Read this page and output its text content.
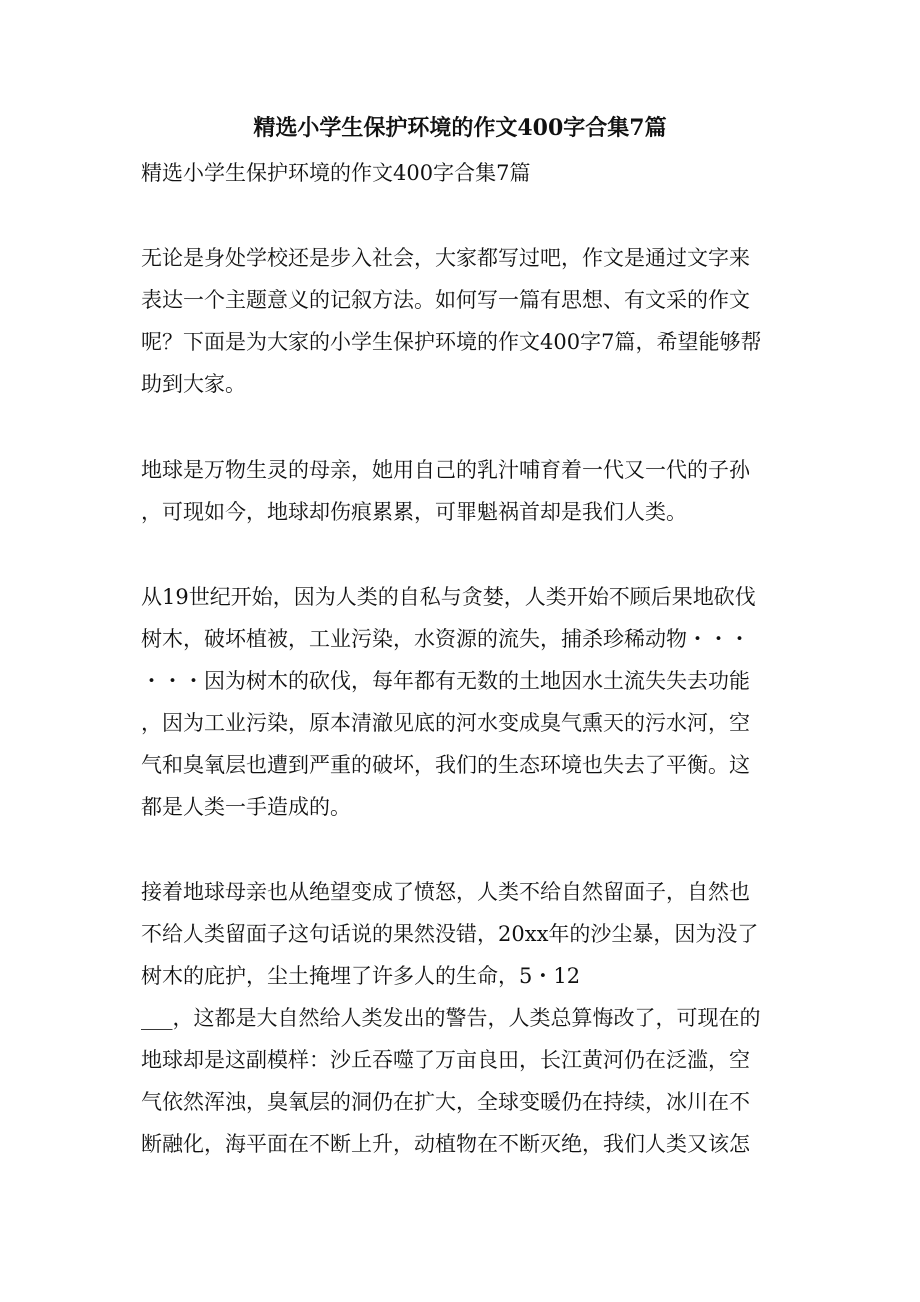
精选小学生保护环境的作文400字合集7篇
精选小学生保护环境的作文400字合集7篇
无论是身处学校还是步入社会，大家都写过吧，作文是通过文字来
表达一个主题意义的记叙方法。如何写一篇有思想、有文采的作文
呢？下面是为大家的小学生保护环境的作文400字7篇，希望能够帮
助到大家。
地球是万物生灵的母亲，她用自己的乳汁哺育着一代又一代的子孙
，可现如今，地球却伤痕累累，可罪魁祸首却是我们人类。
从19世纪开始，因为人类的自私与贪婪，人类开始不顾后果地砍伐
树木，破坏植被，工业污染，水资源的流失，捕杀珍稀动物・・・
・・・因为树木的砍伐，每年都有无数的土地因水土流失失去功能
，因为工业污染，原本清澈见底的河水变成臭气熏天的污水河，空
气和臭氧层也遭到严重的破坏，我们的生态环境也失去了平衡。这
都是人类一手造成的。
接着地球母亲也从绝望变成了愤怒，人类不给自然留面子，自然也
不给人类留面子这句话说的果然没错，20xx年的沙尘暴，因为没了
树木的庇护，尘土掩埋了许多人的生命，5・12
___，这都是大自然给人类发出的警告，人类总算悔改了，可现在的
地球却是这副模样：沙丘吞噬了万亩良田，长江黄河仍在泛滥，空
气依然浑浊，臭氧层的洞仍在扩大，全球变暖仍在持续，冰川在不
断融化，海平面在不断上升，动植物在不断灭绝，我们人类又该怎
